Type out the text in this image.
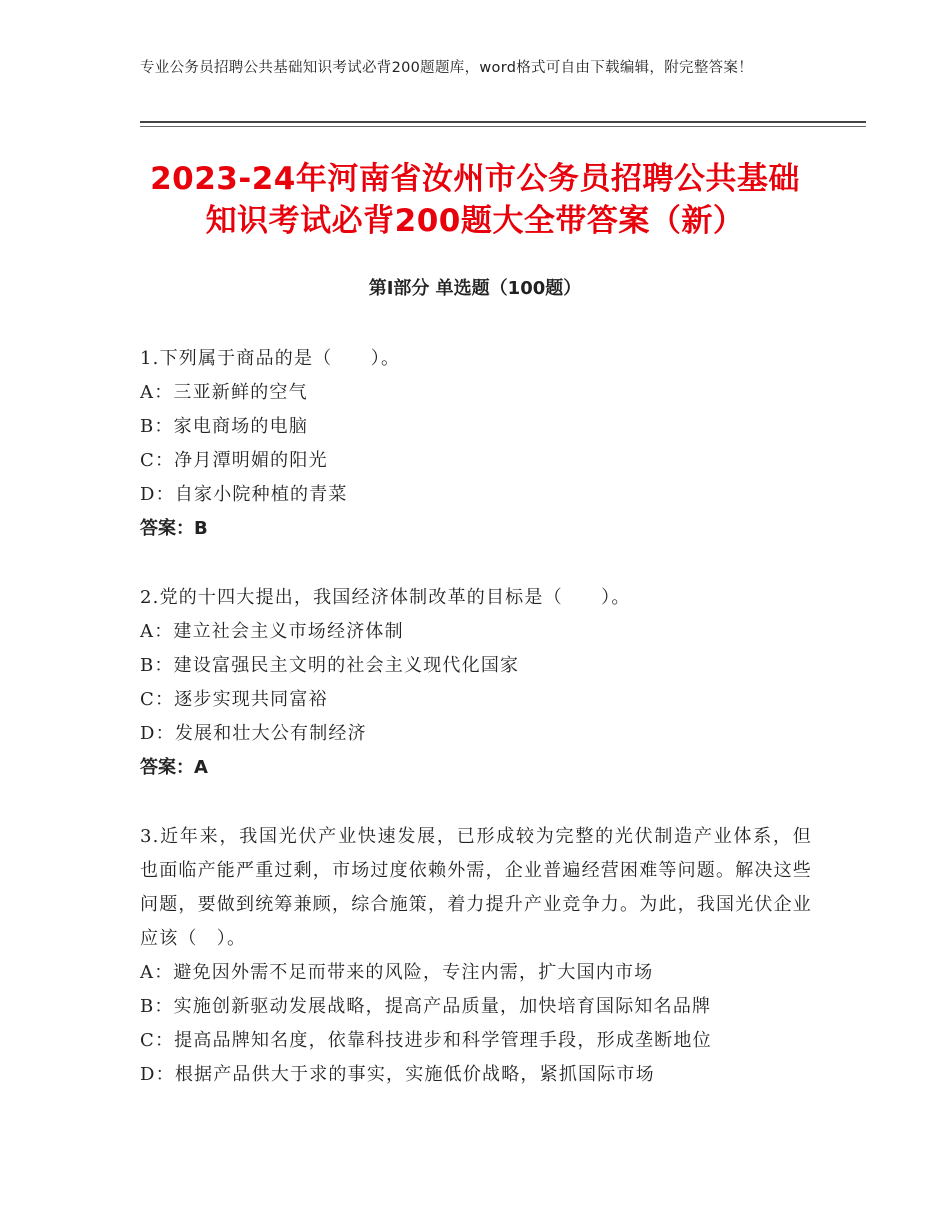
专业公务员招聘公共基础知识考试必背200题题库，word格式可自由下载编辑，附完整答案！
2023-24年河南省汝州市公务员招聘公共基础知识考试必背200题大全带答案（新）
第Ⅰ部分 单选题（100题）

1.下列属于商品的是（　　）。

A：三亚新鲜的空气

B：家电商场的电脑

C：净月潭明媚的阳光

D：自家小院种植的青菜

答案：B

2.党的十四大提出，我国经济体制改革的目标是（　　）。

A：建立社会主义市场经济体制

B：建设富强民主文明的社会主义现代化国家

C：逐步实现共同富裕

D：发展和壮大公有制经济

答案：A

3.近年来，我国光伏产业快速发展，已形成较为完整的光伏制造产业体系，但也面临产能严重过剩，市场过度依赖外需，企业普遍经营困难等问题。解决这些问题，要做到统筹兼顾，综合施策，着力提升产业竞争力。为此，我国光伏企业应该（　）。

A：避免因外需不足而带来的风险，专注内需，扩大国内市场

B：实施创新驱动发展战略，提高产品质量，加快培育国际知名品牌

C：提高品牌知名度，依靠科技进步和科学管理手段，形成垄断地位

D：根据产品供大于求的事实，实施低价战略，紧抓国际市场
